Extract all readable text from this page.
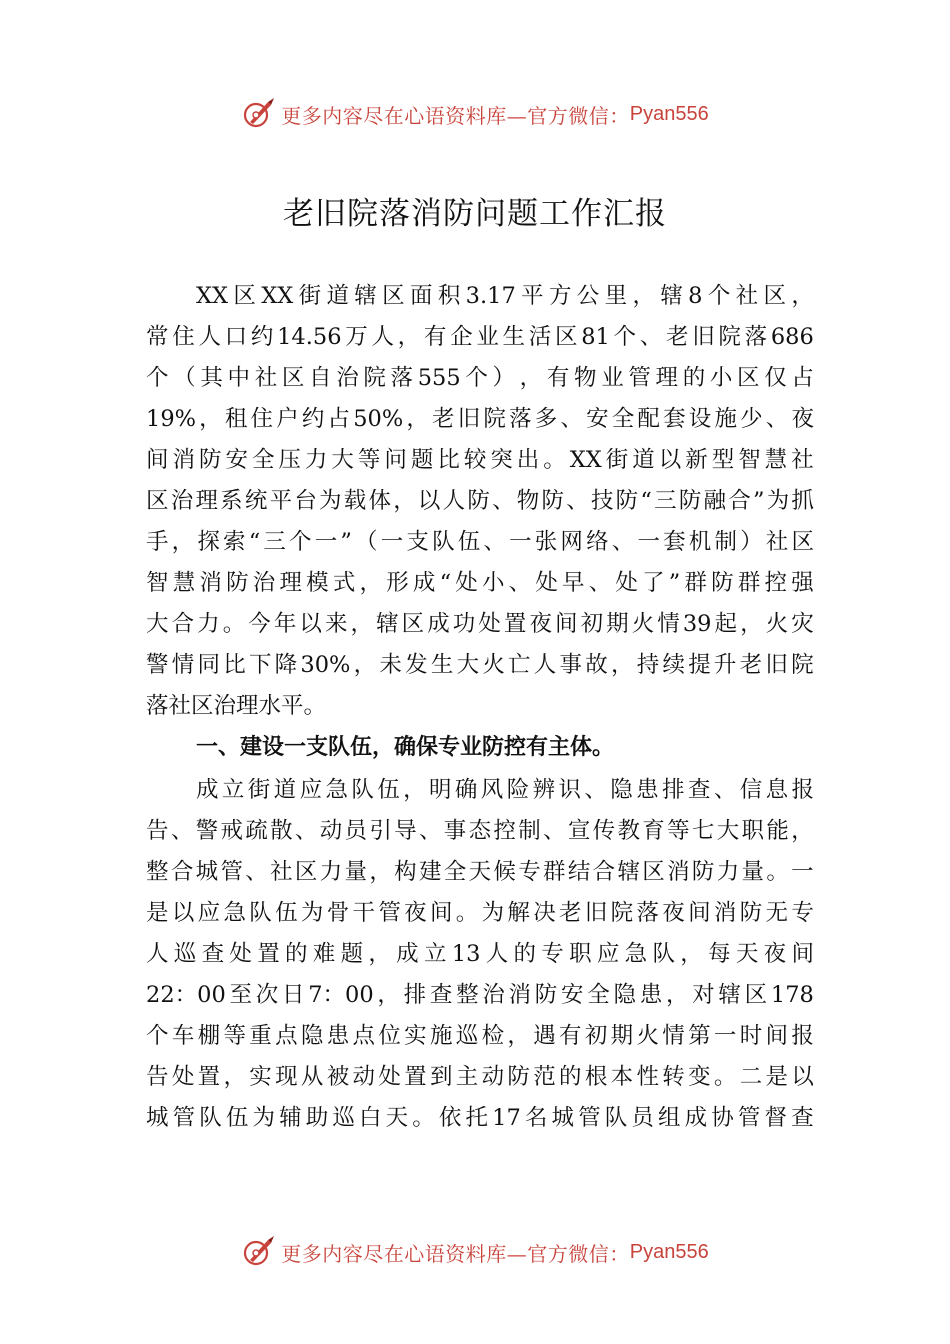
更多内容尽在心语资料库—官方微信： Pyan556
老旧院落消防问题工作汇报
XX 区 XX 街 道 辖 区 面 积 3.17 平 方 公 里 ， 辖 8 个 社 区 ，
常 住 人 口 约 14.56 万 人 ， 有 企 业 生 活 区 81 个 、 老 旧 院 落 686
个 （ 其 中 社 区 自 治 院 落 555 个 ） ， 有 物 业 管 理 的 小 区 仅 占
19% ， 租 住 户 约 占 50% ， 老 旧 院 落 多 、 安 全 配 套 设 施 少 、 夜
间 消 防 安 全 压 力 大 等 问 题 比 较 突 出 。 XX 街 道 以 新 型 智 慧 社
区 治 理 系 统 平 台 为 载 体 ， 以 人 防 、 物 防 、 技 防 “ 三 防 融 合 ” 为 抓
手 ， 探 索 “ 三 个 一 ” （ 一 支 队 伍 、 一 张 网 络 、 一 套 机 制 ） 社 区
智 慧 消 防 治 理 模 式 ， 形 成 “ 处 小 、 处 早 、 处 了 ” 群 防 群 控 强
大 合 力 。 今 年 以 来 ， 辖 区 成 功 处 置 夜 间 初 期 火 情 39 起 ， 火 灾
警 情 同 比 下 降 30% ， 未 发 生 大 火 亡 人 事 故 ， 持 续 提 升 老 旧 院
落社区治理水平。
一、建设一支队伍，确保专业防控有主体。
成 立 街 道 应 急 队 伍 ， 明 确 风 险 辨 识 、 隐 患 排 查 、 信 息 报
告 、 警 戒 疏 散 、 动 员 引 导 、 事 态 控 制 、 宣 传 教 育 等 七 大 职 能 ，
整 合 城 管 、 社 区 力 量 ， 构 建 全 天 候 专 群 结 合 辖 区 消 防 力 量 。 一
是 以 应 急 队 伍 为 骨 干 管 夜 间 。 为 解 决 老 旧 院 落 夜 间 消 防 无 专
人 巡 查 处 置 的 难 题 ， 成 立 13 人 的 专 职 应 急 队 ， 每 天 夜 间
22：00 至 次 日 7：00 ， 排 查 整 治 消 防 安 全 隐 患 ， 对 辖 区 178
个 车 棚 等 重 点 隐 患 点 位 实 施 巡 检 ， 遇 有 初 期 火 情 第 一 时 间 报
告 处 置 ， 实 现 从 被 动 处 置 到 主 动 防 范 的 根 本 性 转 变 。 二 是 以
城 管 队 伍 为 辅 助 巡 白 天 。 依 托 17 名 城 管 队 员 组 成 协 管 督 查
更多内容尽在心语资料库—官方微信： Pyan556
